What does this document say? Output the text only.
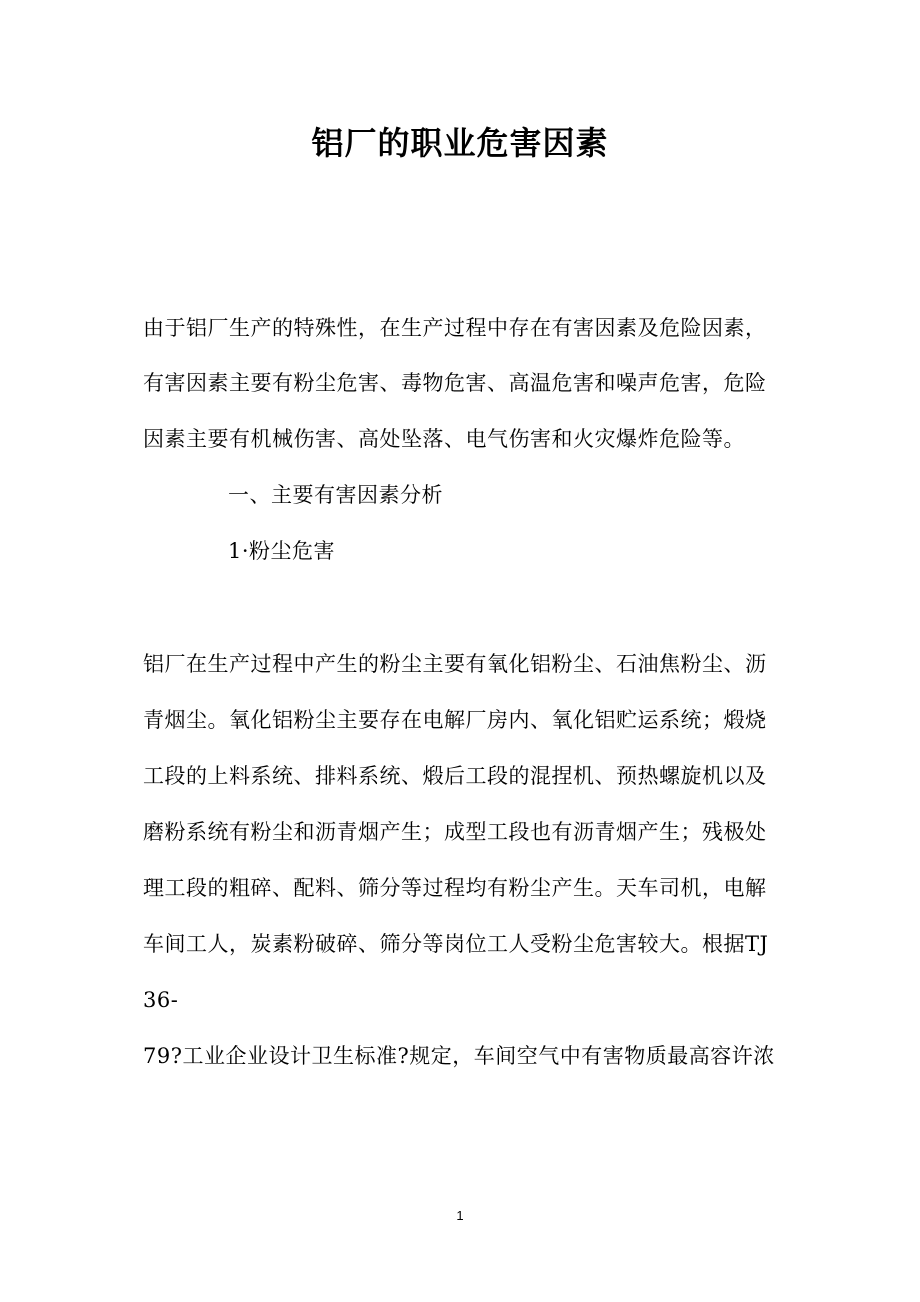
铝厂的职业危害因素
由于铝厂生产的特殊性，在生产过程中存在有害因素及危险因素，
有害因素主要有粉尘危害、毒物危害、高温危害和噪声危害，危险
因素主要有机械伤害、高处坠落、电气伤害和火灾爆炸危险等。
一、主要有害因素分析
1·粉尘危害
铝厂在生产过程中产生的粉尘主要有氧化铝粉尘、石油焦粉尘、沥
青烟尘。氧化铝粉尘主要存在电解厂房内、氧化铝贮运系统；煅烧
工段的上料系统、排料系统、煅后工段的混捏机、预热螺旋机以及
磨粉系统有粉尘和沥青烟产生；成型工段也有沥青烟产生；残极处
理工段的粗碎、配料、筛分等过程均有粉尘产生。天车司机，电解
车间工人，炭素粉破碎、筛分等岗位工人受粉尘危害较大。根据TJ
36-
79?工业企业设计卫生标准?规定，车间空气中有害物质最高容许浓
1
